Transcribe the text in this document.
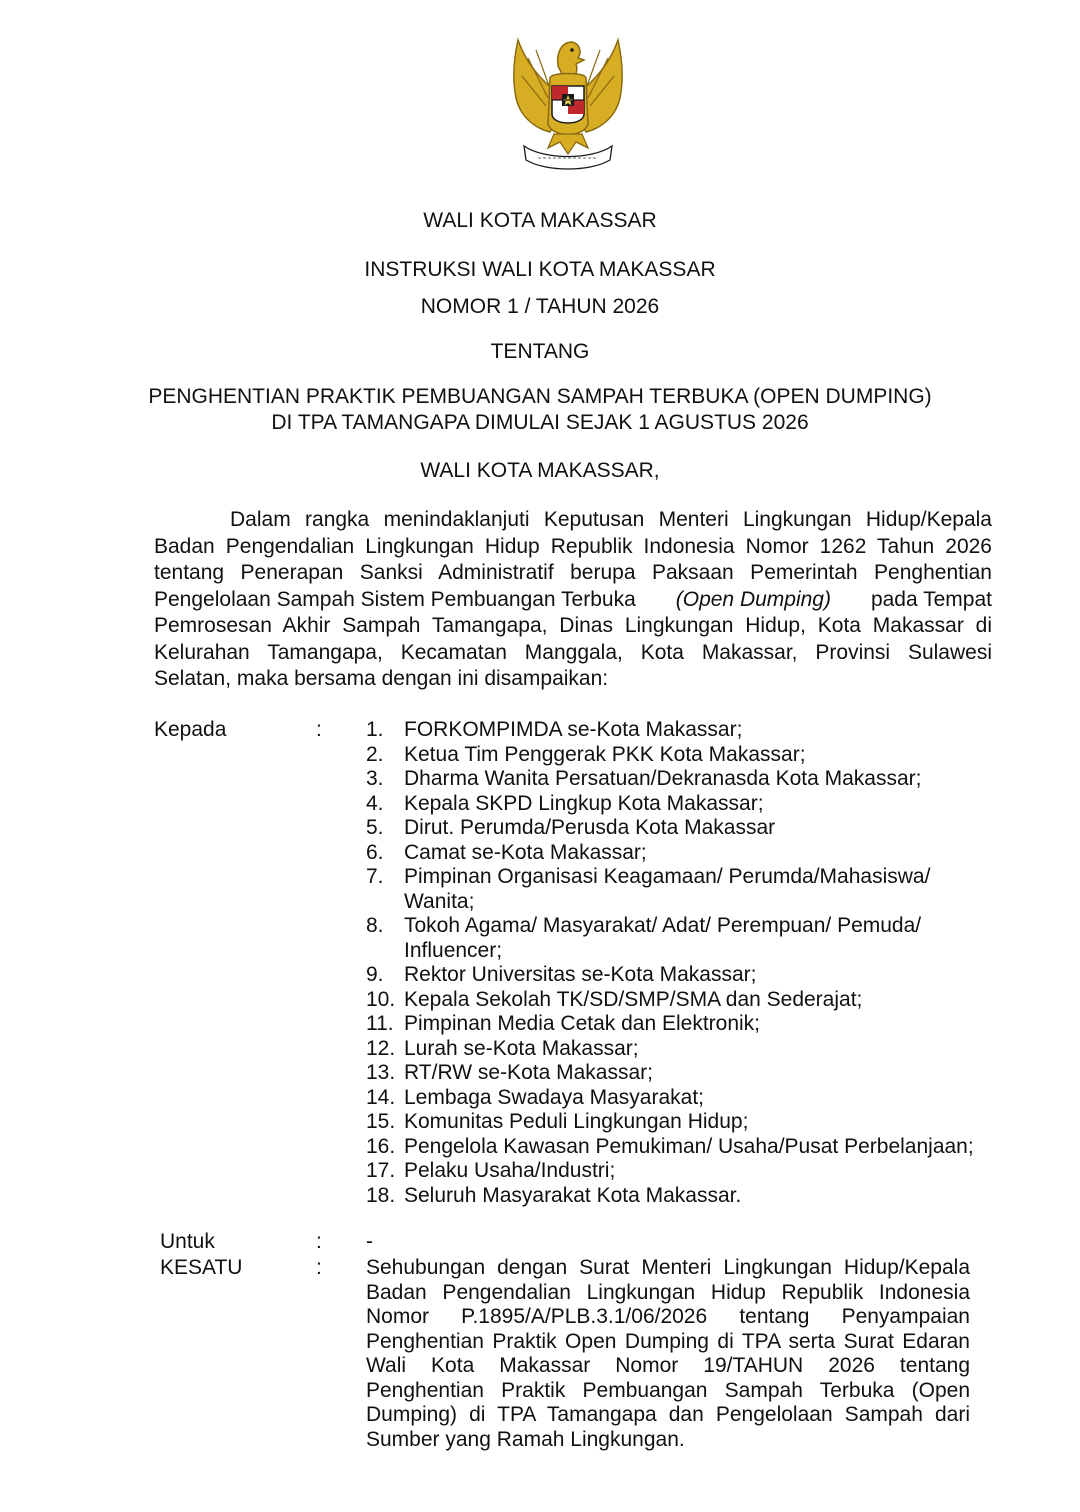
WALI KOTA MAKASSAR
INSTRUKSI WALI KOTA MAKASSAR
NOMOR 1 / TAHUN 2026
TENTANG
PENGHENTIAN PRAKTIK PEMBUANGAN SAMPAH TERBUKA (OPEN DUMPING)
DI TPA TAMANGAPA DIMULAI SEJAK 1 AGUSTUS 2026
WALI KOTA MAKASSAR,
Dalam rangka menindaklanjuti Keputusan Menteri Lingkungan Hidup/Kepala
Badan Pengendalian Lingkungan Hidup Republik Indonesia Nomor 1262 Tahun 2026
tentang Penerapan Sanksi Administratif berupa Paksaan Pemerintah Penghentian
Pengelolaan Sampah Sistem Pembuangan Terbuka (Open Dumping) pada Tempat
Pemrosesan Akhir Sampah Tamangapa, Dinas Lingkungan Hidup, Kota Makassar di
Kelurahan Tamangapa, Kecamatan Manggala, Kota Makassar, Provinsi Sulawesi
Selatan, maka bersama dengan ini disampaikan:
Kepada	: 1. FORKOMPIMDA se-Kota Makassar;
2. Ketua Tim Penggerak PKK Kota Makassar;
3. Dharma Wanita Persatuan/Dekranasda Kota Makassar;
4. Kepala SKPD Lingkup Kota Makassar;
5. Dirut. Perumda/Perusda Kota Makassar
6. Camat se-Kota Makassar;
7. Pimpinan Organisasi Keagamaan/ Perumda/Mahasiswa/
Wanita;
8. Tokoh Agama/ Masyarakat/ Adat/ Perempuan/ Pemuda/
Influencer;
9. Rektor Universitas se-Kota Makassar;
10. Kepala Sekolah TK/SD/SMP/SMA dan Sederajat;
11. Pimpinan Media Cetak dan Elektronik;
12. Lurah se-Kota Makassar;
13. RT/RW se-Kota Makassar;
14. Lembaga Swadaya Masyarakat;
15. Komunitas Peduli Lingkungan Hidup;
16. Pengelola Kawasan Pemukiman/ Usaha/Pusat Perbelanjaan;
17. Pelaku Usaha/Industri;
18. Seluruh Masyarakat Kota Makassar.
Untuk	: -
KESATU	: Sehubungan dengan Surat Menteri Lingkungan Hidup/Kepala
Badan Pengendalian Lingkungan Hidup Republik Indonesia
Nomor P.1895/A/PLB.3.1/06/2026 tentang Penyampaian
Penghentian Praktik Open Dumping di TPA serta Surat Edaran
Wali Kota Makassar Nomor 19/TAHUN 2026 tentang
Penghentian Praktik Pembuangan Sampah Terbuka (Open
Dumping) di TPA Tamangapa dan Pengelolaan Sampah dari
Sumber yang Ramah Lingkungan.
